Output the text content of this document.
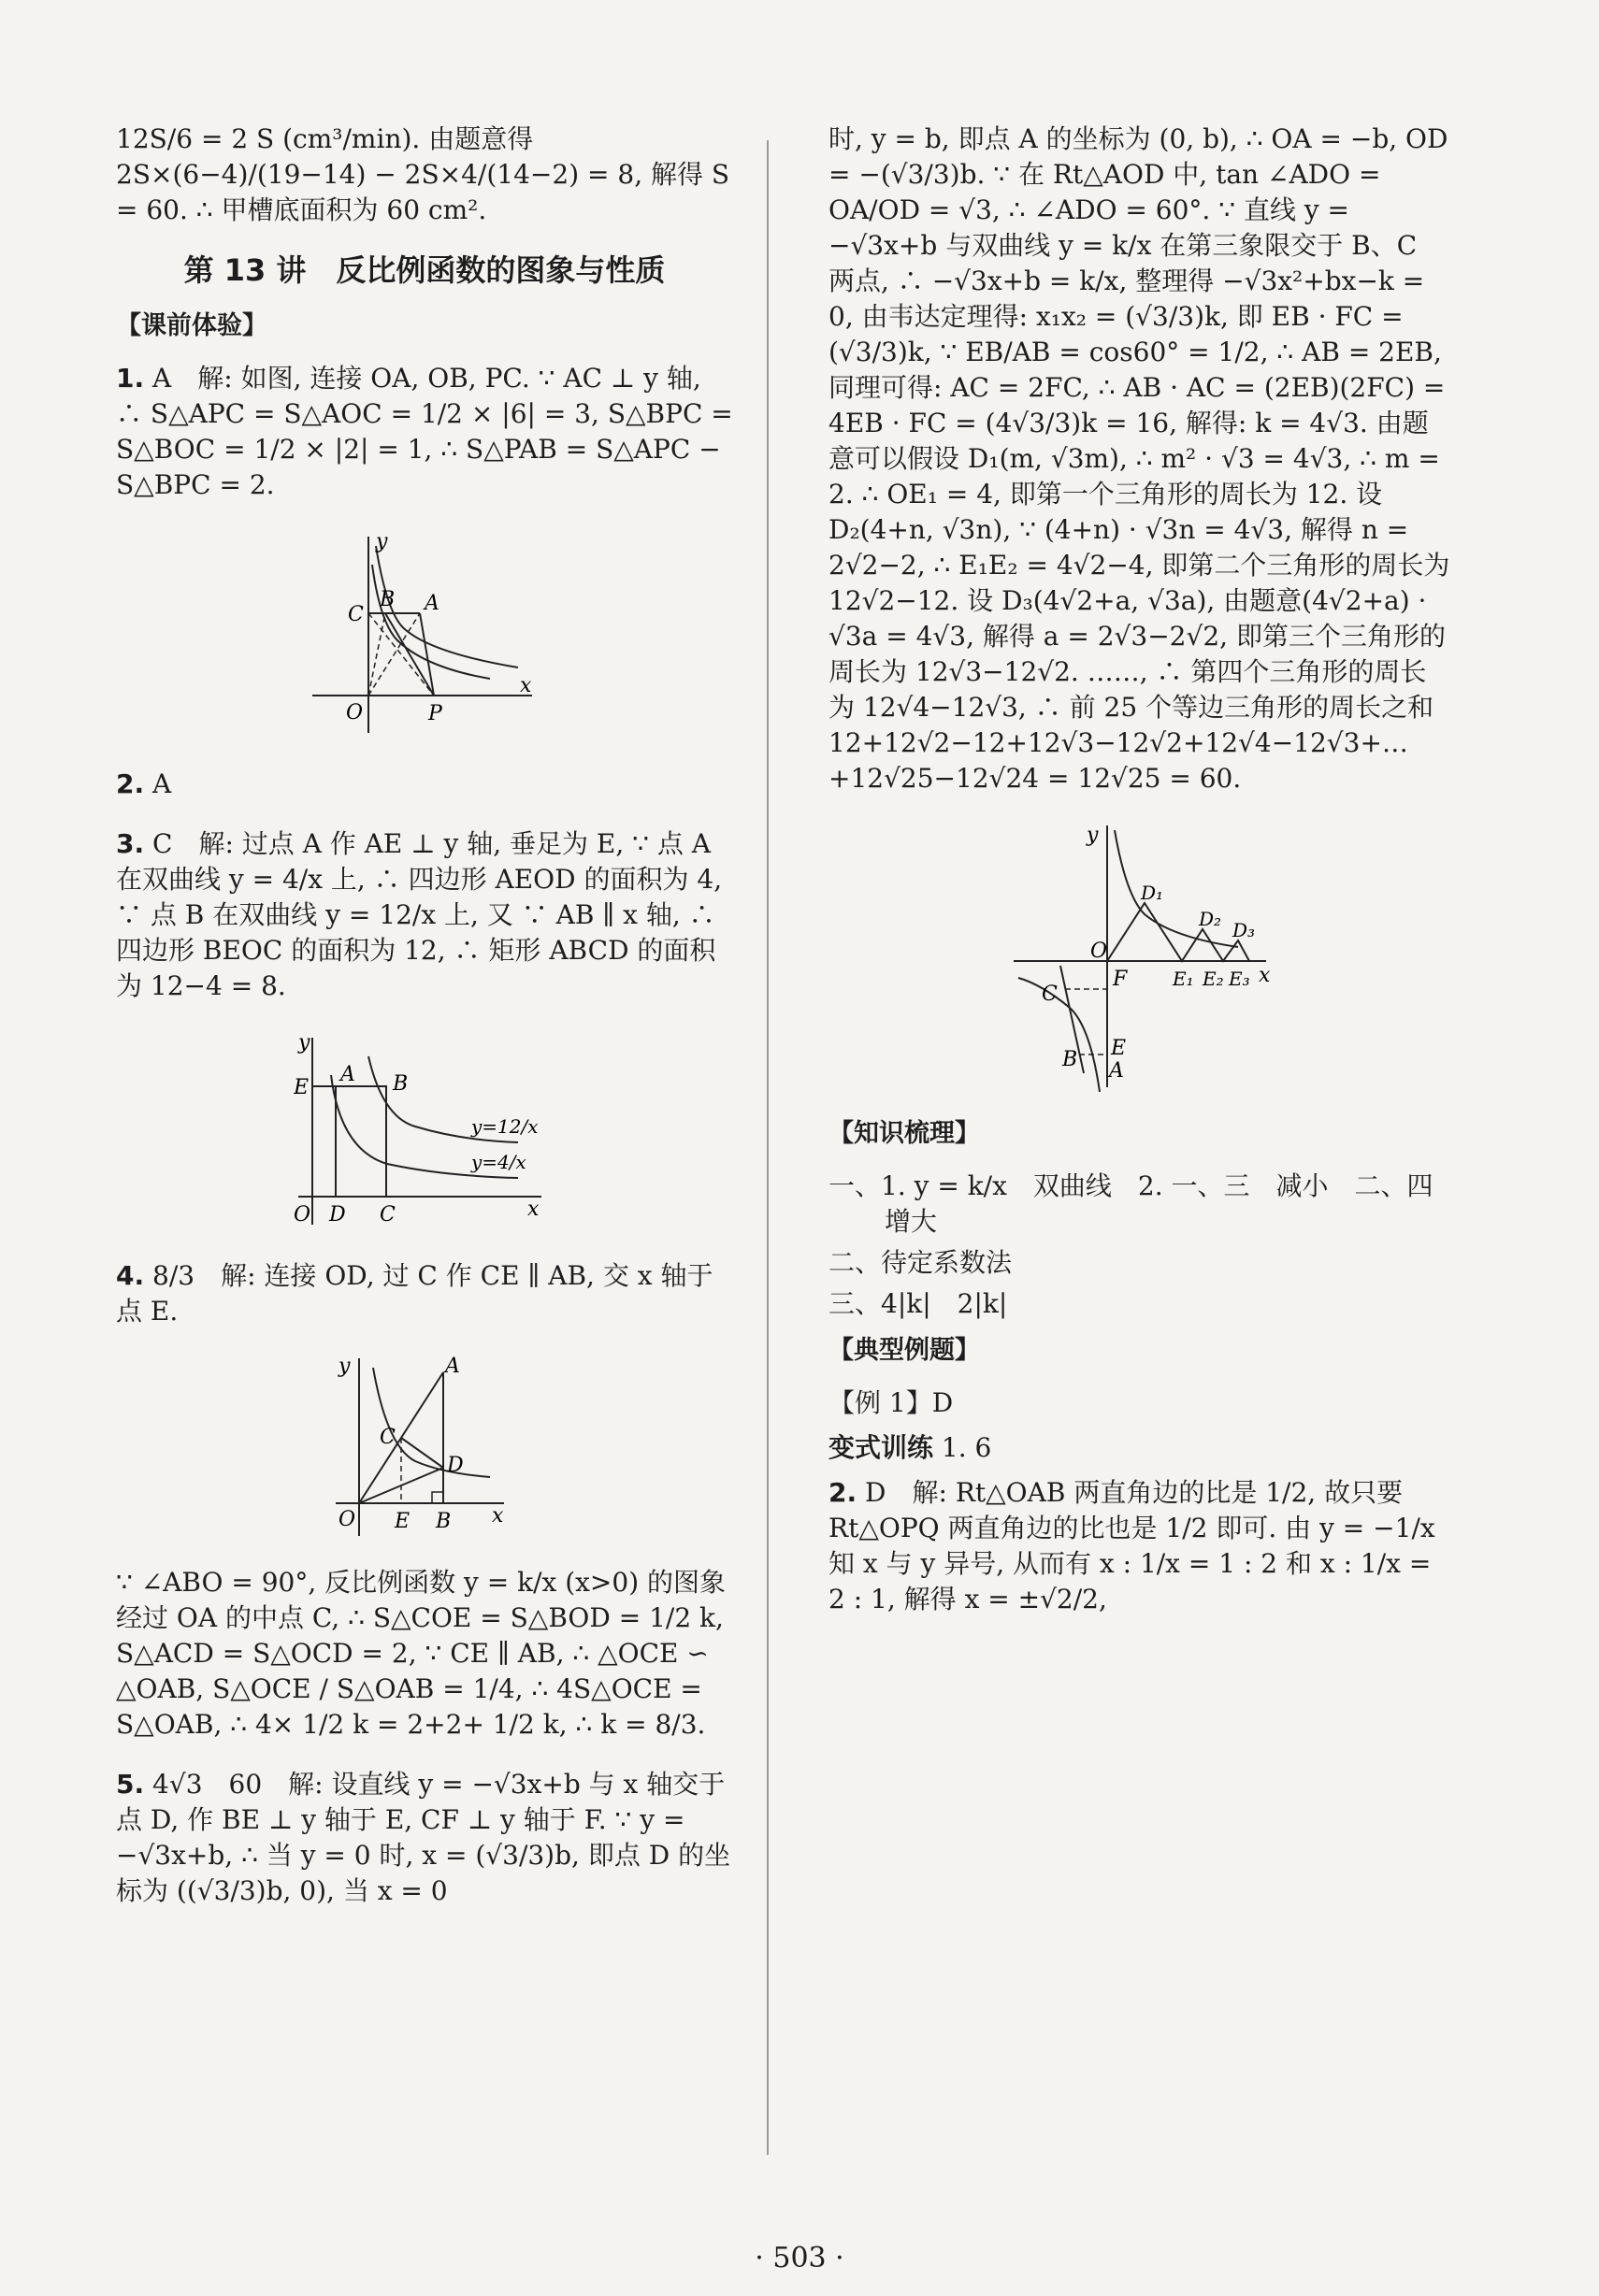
12S/6 = 2 S (cm³/min). 由题意得 2S×(6−4)/(19−14) − 2S×4/(14−2) = 8, 解得 S = 60. ∴ 甲槽底面积为 60 cm².

第 13 讲　反比例函数的图象与性质
【课前体验】

1. A　解: 如图, 连接 OA, OB, PC. ∵ AC ⊥ y 轴, ∴ S△APC = S△AOC = 1/2 × |6| = 3, S△BPC = S△BOC = 1/2 × |2| = 1, ∴ S△PAB = S△APC − S△BPC = 2.

y
C
B A
O	P
x

2. A

3. C　解: 过点 A 作 AE ⊥ y 轴, 垂足为 E, ∵ 点 A 在双曲线 y = 4/x 上, ∴ 四边形 AEOD 的面积为 4, ∵ 点 B 在双曲线 y = 12/x 上, 又 ∵ AB ∥ x 轴, ∴ 四边形 BEOC 的面积为 12, ∴ 矩形 ABCD 的面积为 12−4 = 8.

y
E
A B
O D C	x
y=12/x
y=4/x

4. 8/3　解: 连接 OD, 过 C 作 CE ∥ AB, 交 x 轴于点 E.

y	A
C
D
O E B x

∵ ∠ABO = 90°, 反比例函数 y = k/x (x>0) 的图象经过 OA 的中点 C, ∴ S△COE = S△BOD = 1/2 k, S△ACD = S△OCD = 2, ∵ CE ∥ AB, ∴ △OCE ∽ △OAB, S△OCE / S△OAB = 1/4, ∴ 4S△OCE = S△OAB, ∴ 4× 1/2 k = 2+2+ 1/2 k, ∴ k = 8/3.

5. 4√3　60　解: 设直线 y = −√3x+b 与 x 轴交于点 D, 作 BE ⊥ y 轴于 E, CF ⊥ y 轴于 F. ∵ y = −√3x+b, ∴ 当 y = 0 时, x = (√3/3)b, 即点 D 的坐标为 ((√3/3)b, 0), 当 x = 0

时, y = b, 即点 A 的坐标为 (0, b), ∴ OA = −b, OD = −(√3/3)b. ∵ 在 Rt△AOD 中, tan ∠ADO = OA/OD = √3, ∴ ∠ADO = 60°. ∵ 直线 y = −√3x+b 与双曲线 y = k/x 在第三象限交于 B、C 两点, ∴ −√3x+b = k/x, 整理得 −√3x²+bx−k = 0, 由韦达定理得: x₁x₂ = (√3/3)k, 即 EB · FC = (√3/3)k, ∵ EB/AB = cos60° = 1/2, ∴ AB = 2EB, 同理可得: AC = 2FC, ∴ AB · AC = (2EB)(2FC) = 4EB · FC = (4√3/3)k = 16, 解得: k = 4√3. 由题意可以假设 D₁(m, √3m), ∴ m² · √3 = 4√3, ∴ m = 2. ∴ OE₁ = 4, 即第一个三角形的周长为 12. 设 D₂(4+n, √3n), ∵ (4+n) · √3n = 4√3, 解得 n = 2√2−2, ∴ E₁E₂ = 4√2−4, 即第二个三角形的周长为 12√2−12. 设 D₃(4√2+a, √3a), 由题意(4√2+a) · √3a = 4√3, 解得 a = 2√3−2√2, 即第三个三角形的周长为 12√3−12√2. ……, ∴ 第四个三角形的周长为 12√4−12√3, ∴ 前 25 个等边三角形的周长之和 12+12√2−12+12√3−12√2+12√4−12√3+…+12√25−12√24 = 12√25 = 60.

y
D₁
D₂ D₃
O
F E₁ E₂ E₃ x
C
B E
A
【知识梳理】

一、1. y = k/x　双曲线　2. 一、三　减小　二、四
增大

二、待定系数法

三、4|k|　2|k|

【典型例题】

【例 1】D

变式训练 1. 6

2. D　解: Rt△OAB 两直角边的比是 1/2, 故只要 Rt△OPQ 两直角边的比也是 1/2 即可. 由 y = −1/x 知 x 与 y 异号, 从而有 x : 1/x = 1 : 2 和 x : 1/x = 2 : 1, 解得 x = ±√2/2,

· 503 ·
